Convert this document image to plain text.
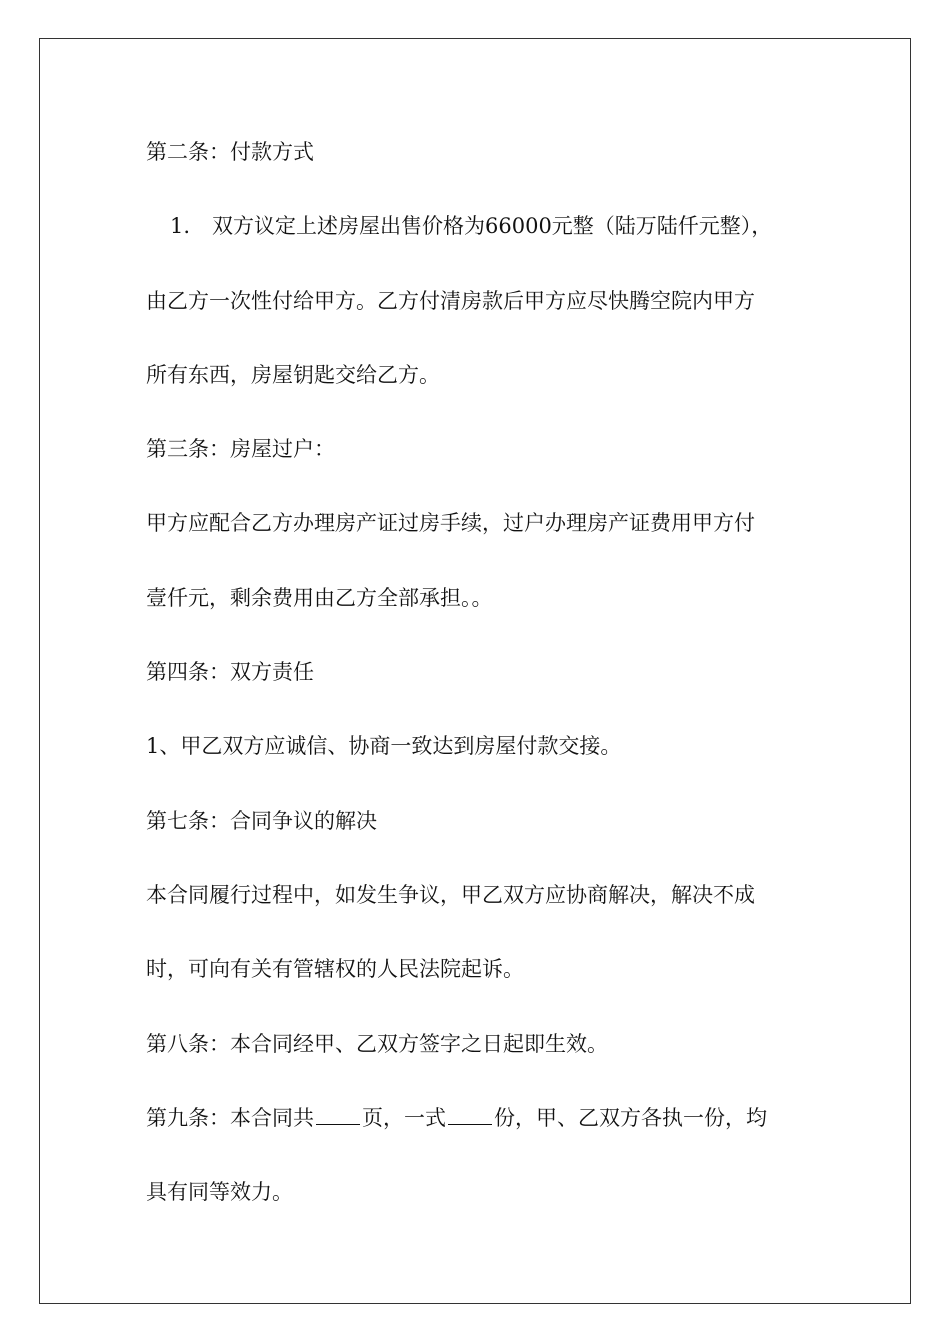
第二条：付款方式
1. 双方议定上述房屋出售价格为66000元整（陆万陆仟元整），
由乙方一次性付给甲方。乙方付清房款后甲方应尽快腾空院内甲方
所有东西，房屋钥匙交给乙方。
第三条：房屋过户：
甲方应配合乙方办理房产证过房手续，过户办理房产证费用甲方付
壹仟元，剩余费用由乙方全部承担。。
第四条：双方责任
1、甲乙双方应诚信、协商一致达到房屋付款交接。
第七条：合同争议的解决
本合同履行过程中，如发生争议，甲乙双方应协商解决，解决不成
时，可向有关有管辖权的人民法院起诉。
第八条：本合同经甲、乙双方签字之日起即生效。
第九条：本合同共 页，一式 份，甲、乙双方各执一份，均
具有同等效力。
